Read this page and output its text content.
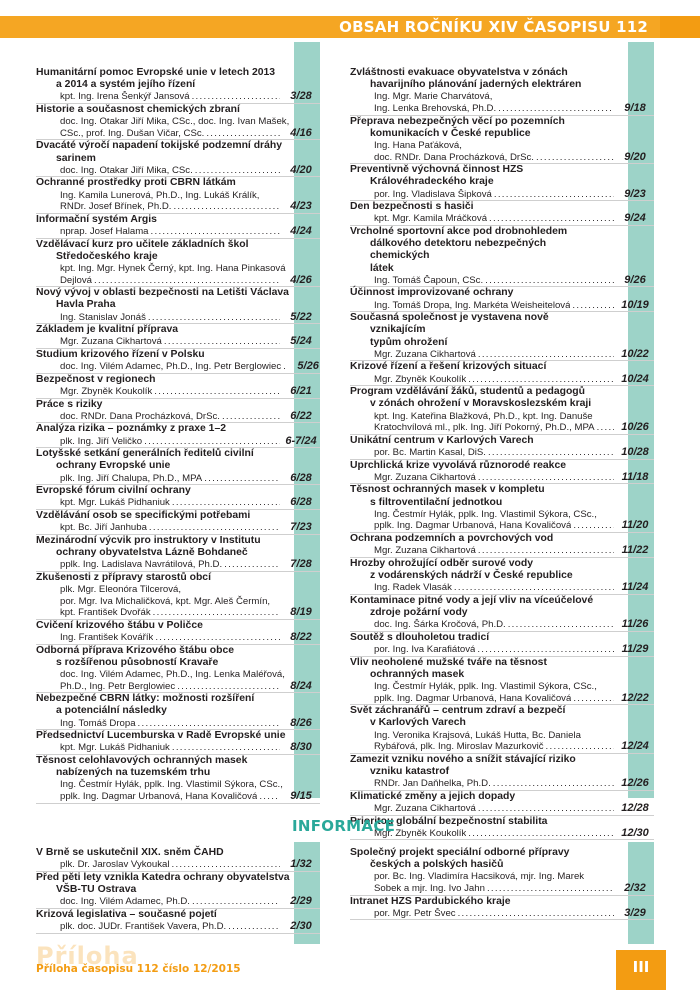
OBSAH ROČNÍKU XIV ČASOPISU 112
Humanitární pomoc Evropské unie v letech 2013
a 2014 a systém jejího řízení
kpt. Ing. Irena Šenkýř Jansová .....	3/28
Historie a současnost chemických zbraní
doc. Ing. Otakar Jiří Mika, CSc., doc. Ing. Ivan Mašek,
CSc., prof. Ing. Dušan Vičar, CSc. .....	4/16
Dvacáté výročí napadení tokijské podzemní dráhy
sarinem
doc. Ing. Otakar Jiří Mika, CSc. .....	4/20
Ochranné prostředky proti CBRN látkám
Ing. Kamila Lunerová, Ph.D., Ing. Lukáš Králík,
RNDr. Josef Břínek, Ph.D. .....	4/23
Informační systém Argis
nprap. Josef Halama .....	4/24
Vzdělávací kurz pro učitele základních škol
Středočeského kraje
kpt. Ing. Mgr. Hynek Černý, kpt. Ing. Hana Pinkasová
Dejlová .....	4/26
Nový vývoj v oblasti bezpečnosti na Letišti Václava
Havla Praha
Ing. Stanislav Jonáš .....	5/22
Základem je kvalitní příprava
Mgr. Zuzana Cikhartová .....	5/24
Studium krizového řízení v Polsku
doc. Ing. Vilém Adamec, Ph.D., Ing. Petr Berglowiec .....	5/26
Bezpečnost v regionech
Mgr. Zbyněk Koukolík .....	6/21
Práce s riziky
doc. RNDr. Dana Procházková, DrSc. .....	6/22
Analýza rizika – poznámky z praxe 1–2
plk. Ing. Jiří Veličko .....	6-7/24
Lotyšské setkání generálních ředitelů civilní
ochrany Evropské unie
plk. Ing. Jiří Chalupa, Ph.D., MPA .....	6/28
Evropské fórum civilní ochrany
kpt. Mgr. Lukáš Pidhaniuk .....	6/28
Vzdělávání osob se specifickými potřebami
kpt. Bc. Jiří Janhuba .....	7/23
Mezinárodní výcvik pro instruktory v Institutu
ochrany obyvatelstva Lázně Bohdaneč
pplk. Ing. Ladislava Navrátilová, Ph.D. .....	7/28
Zkušenosti z přípravy starostů obcí
plk. Mgr. Eleonóra Tilcerová,
por. Mgr. Iva Michaličková, kpt. Mgr. Aleš Čermín,
kpt. František Dvořák .....	8/19
Cvičení krizového štábu v Poličce
Ing. František Kovářík .....	8/22
Odborná příprava Krizového štábu obce
s rozšířenou působností Kravaře
doc. Ing. Vilém Adamec, Ph.D., Ing. Lenka Maléřová,
Ph.D., Ing. Petr Berglowiec .....	8/24
Nebezpečné CBRN látky: možnosti rozšíření
a potenciální následky
Ing. Tomáš Dropa .....	8/26
Předsednictví Lucemburska v Radě Evropské unie
kpt. Mgr. Lukáš Pidhaniuk .....	8/30
Těsnost celohlavových ochranných masek
nabízených na tuzemském trhu
Ing. Čestmír Hylák, pplk. Ing. Vlastimil Sýkora, CSc.,
pplk. Ing. Dagmar Urbanová, Hana Kovaličová .....	9/15
Zvláštnosti evakuace obyvatelstva v zónách
havarijního plánování jaderných elektráren
Ing. Mgr. Marie Charvátová,
Ing. Lenka Brehovská, Ph.D. .....	9/18
Přeprava nebezpečných věcí po pozemních
komunikacích v České republice
Ing. Hana Paťáková,
doc. RNDr. Dana Procházková, DrSc. .....	9/20
Preventivně výchovná činnost HZS
Královéhradeckého kraje
por. Ing. Vladislava Šipková .....	9/23
Den bezpečnosti s hasiči
kpt. Mgr. Kamila Mráčková .....	9/24
Vrcholné sportovní akce pod drobnohledem
dálkového detektoru nebezpečných chemických
látek
Ing. Tomáš Čapoun, CSc. .....	9/26
Účinnost improvizované ochrany
Ing. Tomáš Dropa, Ing. Markéta Weisheitelová .....	10/19
Současná společnost je vystavena nově vznikajícím
typům ohrožení
Mgr. Zuzana Cikhartová .....	10/22
Krizové řízení a řešení krizových situací
Mgr. Zbyněk Koukolík .....	10/24
Program vzdělávání žáků, studentů a pedagogů
v zónách ohrožení v Moravskoslezském kraji
kpt. Ing. Kateřina Blažková, Ph.D., kpt. Ing. Danuše
Kratochvílová ml., plk. Ing. Jiří Pokorný, Ph.D., MPA .....	10/26
Unikátní centrum v Karlových Varech
por. Bc. Martin Kasal, DiS. .....	10/28
Uprchlická krize vyvolává různorodé reakce
Mgr. Zuzana Cikhartová .....	11/18
Těsnost ochranných masek v kompletu
s filtroventilační jednotkou
Ing. Čestmír Hylák, pplk. Ing. Vlastimil Sýkora, CSc.,
pplk. Ing. Dagmar Urbanová, Hana Kovaličová .....	11/20
Ochrana podzemních a povrchových vod
Mgr. Zuzana Cikhartová .....	11/22
Hrozby ohrožující odběr surové vody
z vodárenských nádrží v České republice
Ing. Radek Vlasák .....	11/24
Kontaminace pitné vody a její vliv na víceúčelové
zdroje požární vody
doc. Ing. Šárka Kročová, Ph.D. .....	11/26
Soutěž s dlouholetou tradicí
por. Ing. Iva Karafiátová .....	11/29
Vliv neoholené mužské tváře na těsnost
ochranných masek
Ing. Čestmír Hylák, pplk. Ing. Vlastimil Sýkora, CSc.,
pplk. Ing. Dagmar Urbanová, Hana Kovaličová .....	12/22
Svět záchranářů – centrum zdraví a bezpečí
v Karlových Varech
Ing. Veronika Krajsová, Lukáš Hutta, Bc. Daniela
Rybářová, plk. Ing. Miroslav Mazurkovič .....	12/24
Zamezit vzniku nového a snížit stávající riziko
vzniku katastrof
RNDr. Jan Daňhelka, Ph.D. .....	12/26
Klimatické změny a jejich dopady
Mgr. Zuzana Cikhartová .....	12/28
Prioritou globální bezpečnostní stabilita
Mgr. Zbyněk Koukolík .....	12/30
INFORMACE
V Brně se uskutečnil XIX. sněm ČAHD
plk. Dr. Jaroslav Vykoukal .....	1/32
Před pěti lety vznikla Katedra ochrany obyvatelstva
VŠB-TU Ostrava
doc. Ing. Vilém Adamec, Ph.D. .....	2/29
Krizová legislativa – současné pojetí
plk. doc. JUDr. František Vavera, Ph.D. .....	2/30
Společný projekt speciální odborné přípravy
českých a polských hasičů
por. Bc. Ing. Vladimíra Hacsiková, mjr. Ing. Marek
Sobek a mjr. Ing. Ivo Jahn .....	2/32
Intranet HZS Pardubického kraje
por. Mgr. Petr Švec .....	3/29
Příloha
Příloha časopisu 112 číslo 12/2015	III
